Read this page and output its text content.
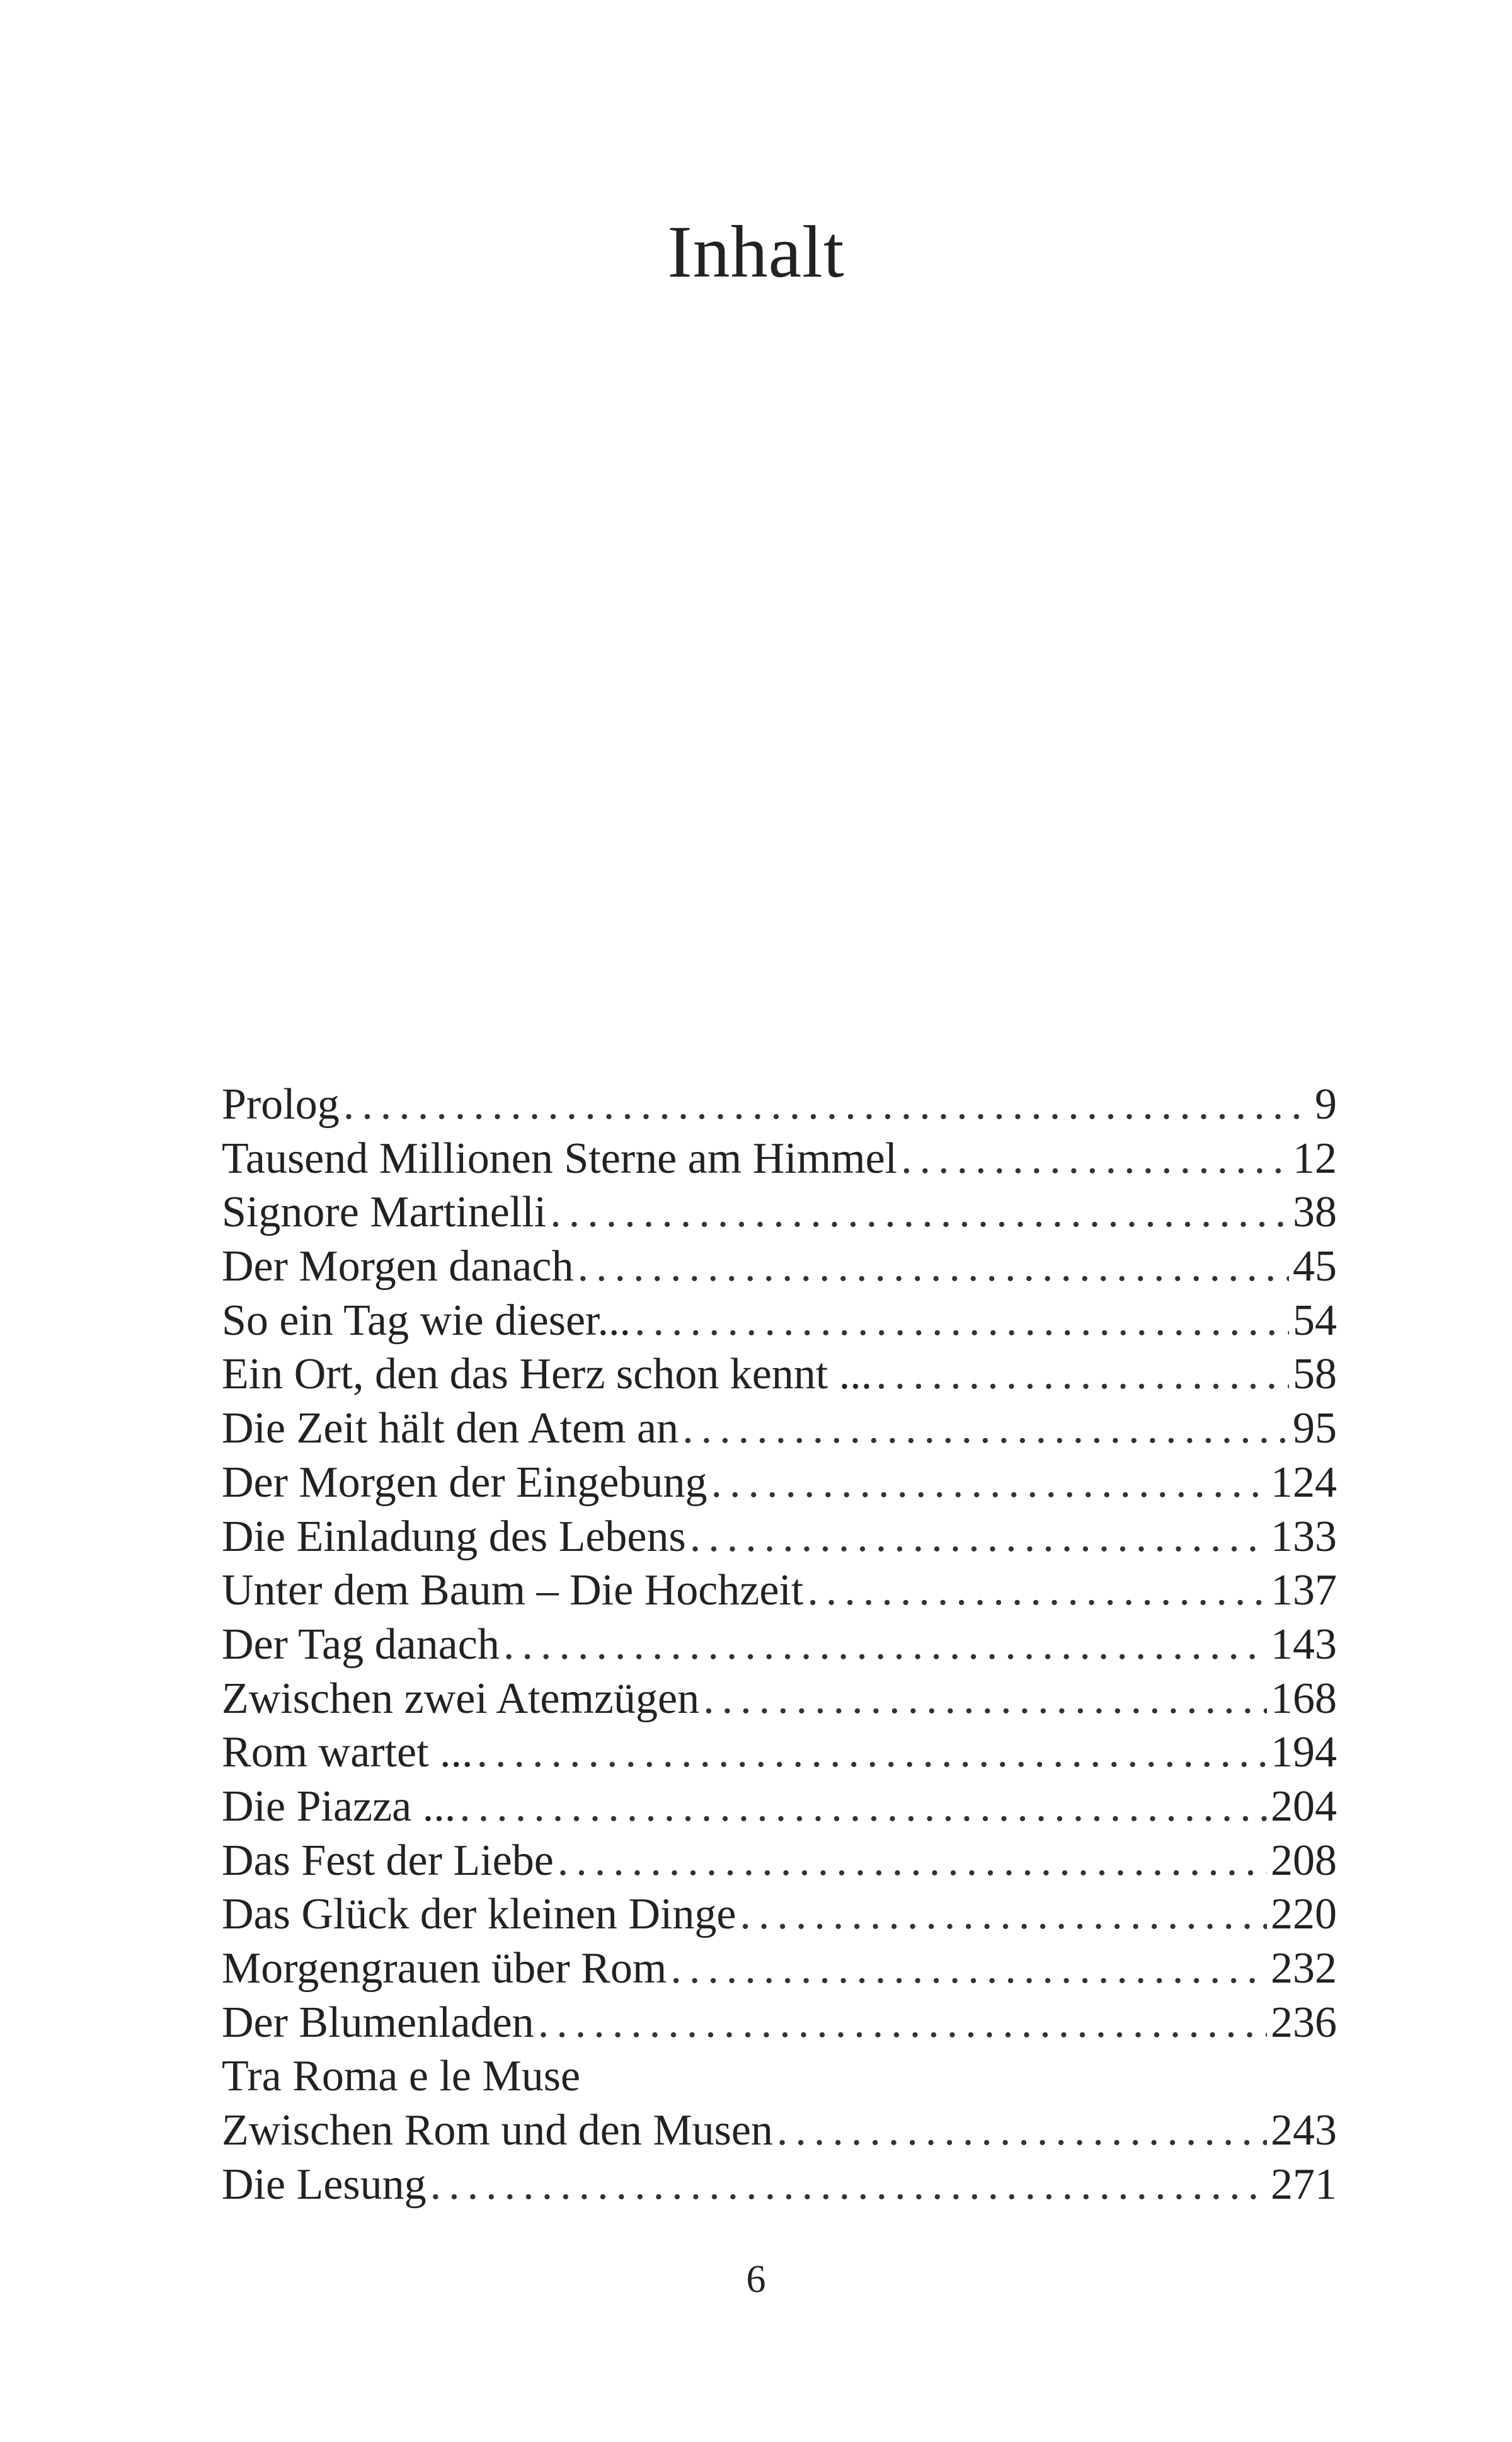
Inhalt
Prolog .....	9
Tausend Millionen Sterne am Himmel .....	12
Signore Martinelli .....	38
Der Morgen danach .....	45
So ein Tag wie dieser... .....	54
Ein Ort, den das Herz schon kennt ... .....	58
Die Zeit hält den Atem an .....	95
Der Morgen der Eingebung .....	124
Die Einladung des Lebens .....	133
Unter dem Baum – Die Hochzeit .....	137
Der Tag danach .....	143
Zwischen zwei Atemzügen .....	168
Rom wartet ... .....	194
Die Piazza ... .....	204
Das Fest der Liebe .....	208
Das Glück der kleinen Dinge .....	220
Morgengrauen über Rom .....	232
Der Blumenladen .....	236
Tra Roma e le Muse
Zwischen Rom und den Musen .....	243
Die Lesung .....	271
6
